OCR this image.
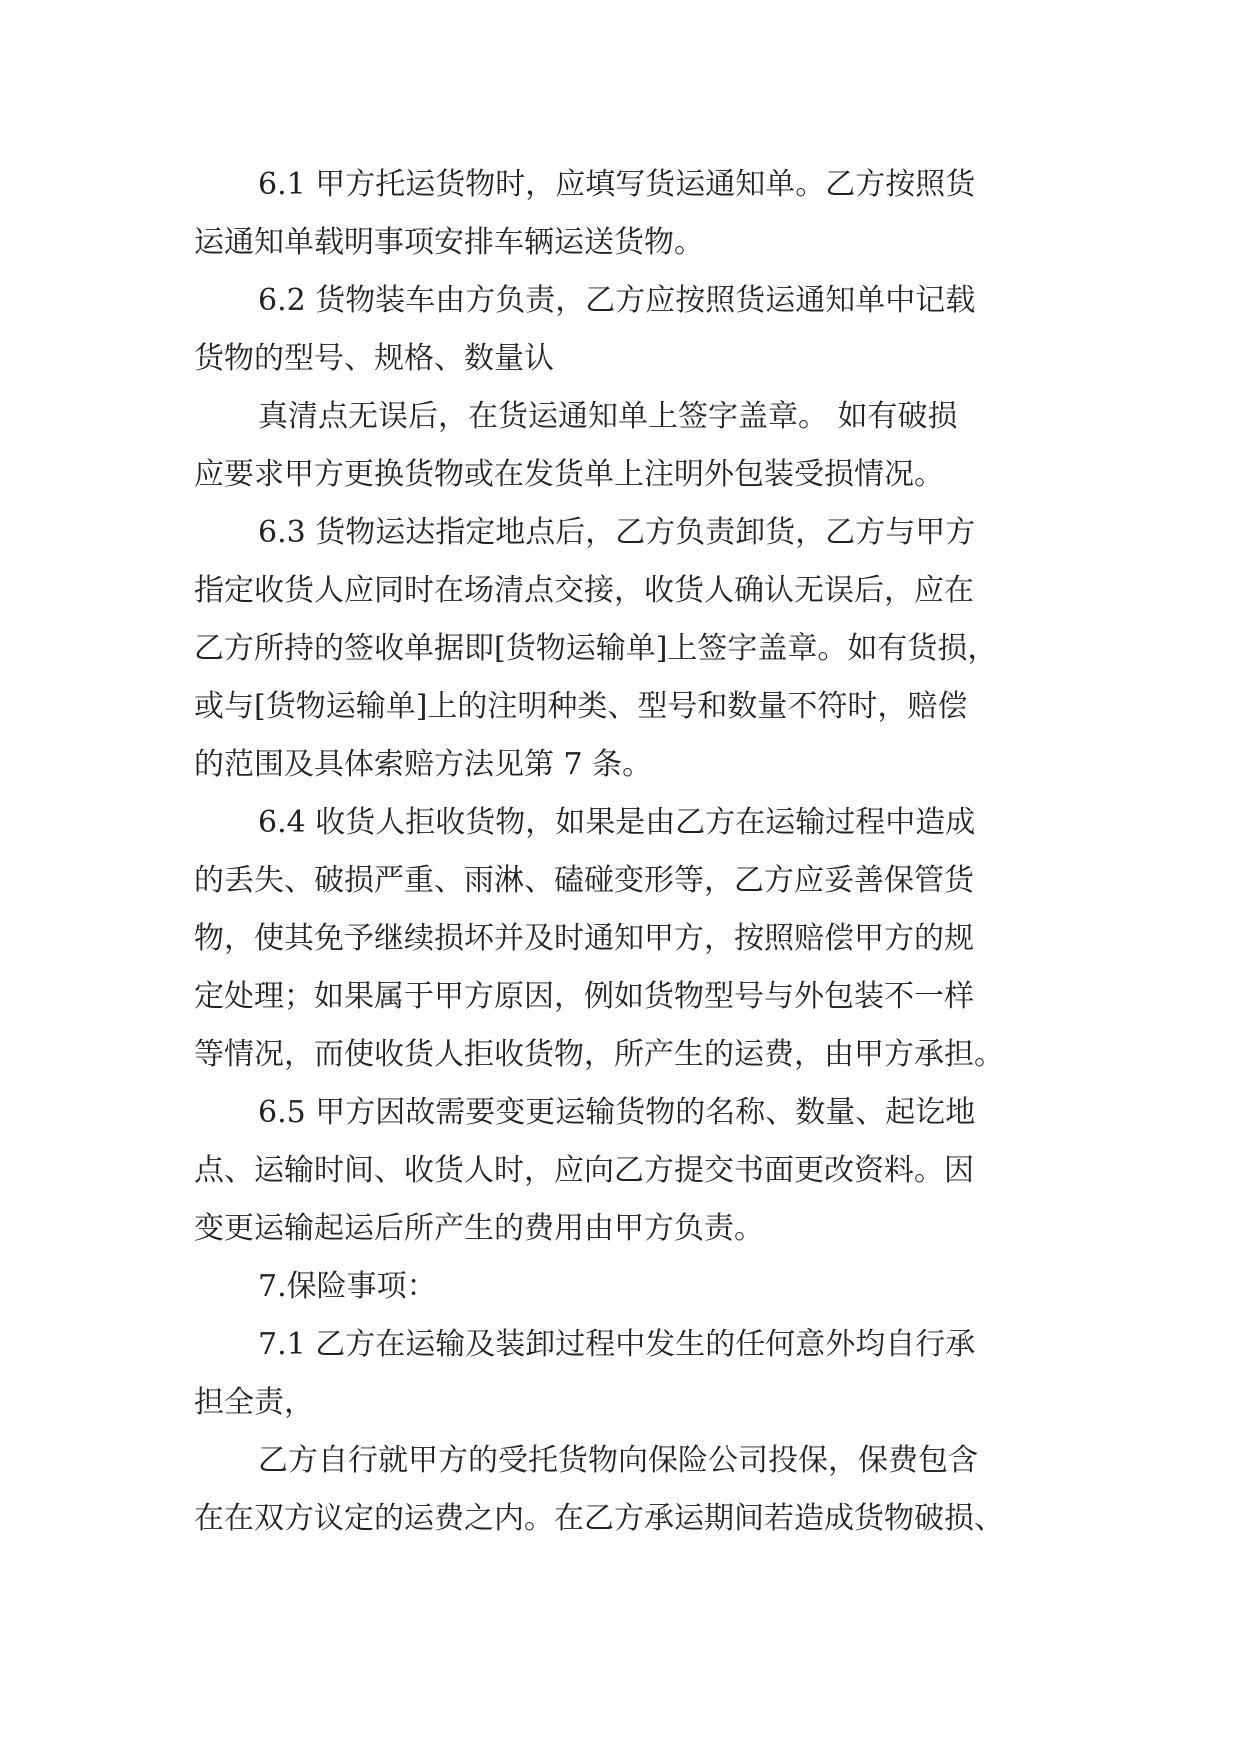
6.1 甲方托运货物时，应填写货运通知单。乙方按照货
运通知单载明事项安排车辆运送货物。
6.2 货物装车由方负责，乙方应按照货运通知单中记载
货物的型号、规格、数量认
真清点无误后，在货运通知单上签字盖章。 如有破损
应要求甲方更换货物或在发货单上注明外包装受损情况。
6.3 货物运达指定地点后，乙方负责卸货，乙方与甲方
指定收货人应同时在场清点交接，收货人确认无误后，应在
乙方所持的签收单据即[货物运输单]上签字盖章。如有货损，
或与[货物运输单]上的注明种类、型号和数量不符时，赔偿
的范围及具体索赔方法见第 7 条。
6.4 收货人拒收货物，如果是由乙方在运输过程中造成
的丢失、破损严重、雨淋、磕碰变形等，乙方应妥善保管货
物，使其免予继续损坏并及时通知甲方，按照赔偿甲方的规
定处理；如果属于甲方原因，例如货物型号与外包装不一样
等情况，而使收货人拒收货物，所产生的运费，由甲方承担。
6.5 甲方因故需要变更运输货物的名称、数量、起讫地
点、运输时间、收货人时，应向乙方提交书面更改资料。因
变更运输起运后所产生的费用由甲方负责。
7.保险事项：
7.1 乙方在运输及装卸过程中发生的任何意外均自行承
担全责，
乙方自行就甲方的受托货物向保险公司投保，保费包含
在在双方议定的运费之内。在乙方承运期间若造成货物破损、
